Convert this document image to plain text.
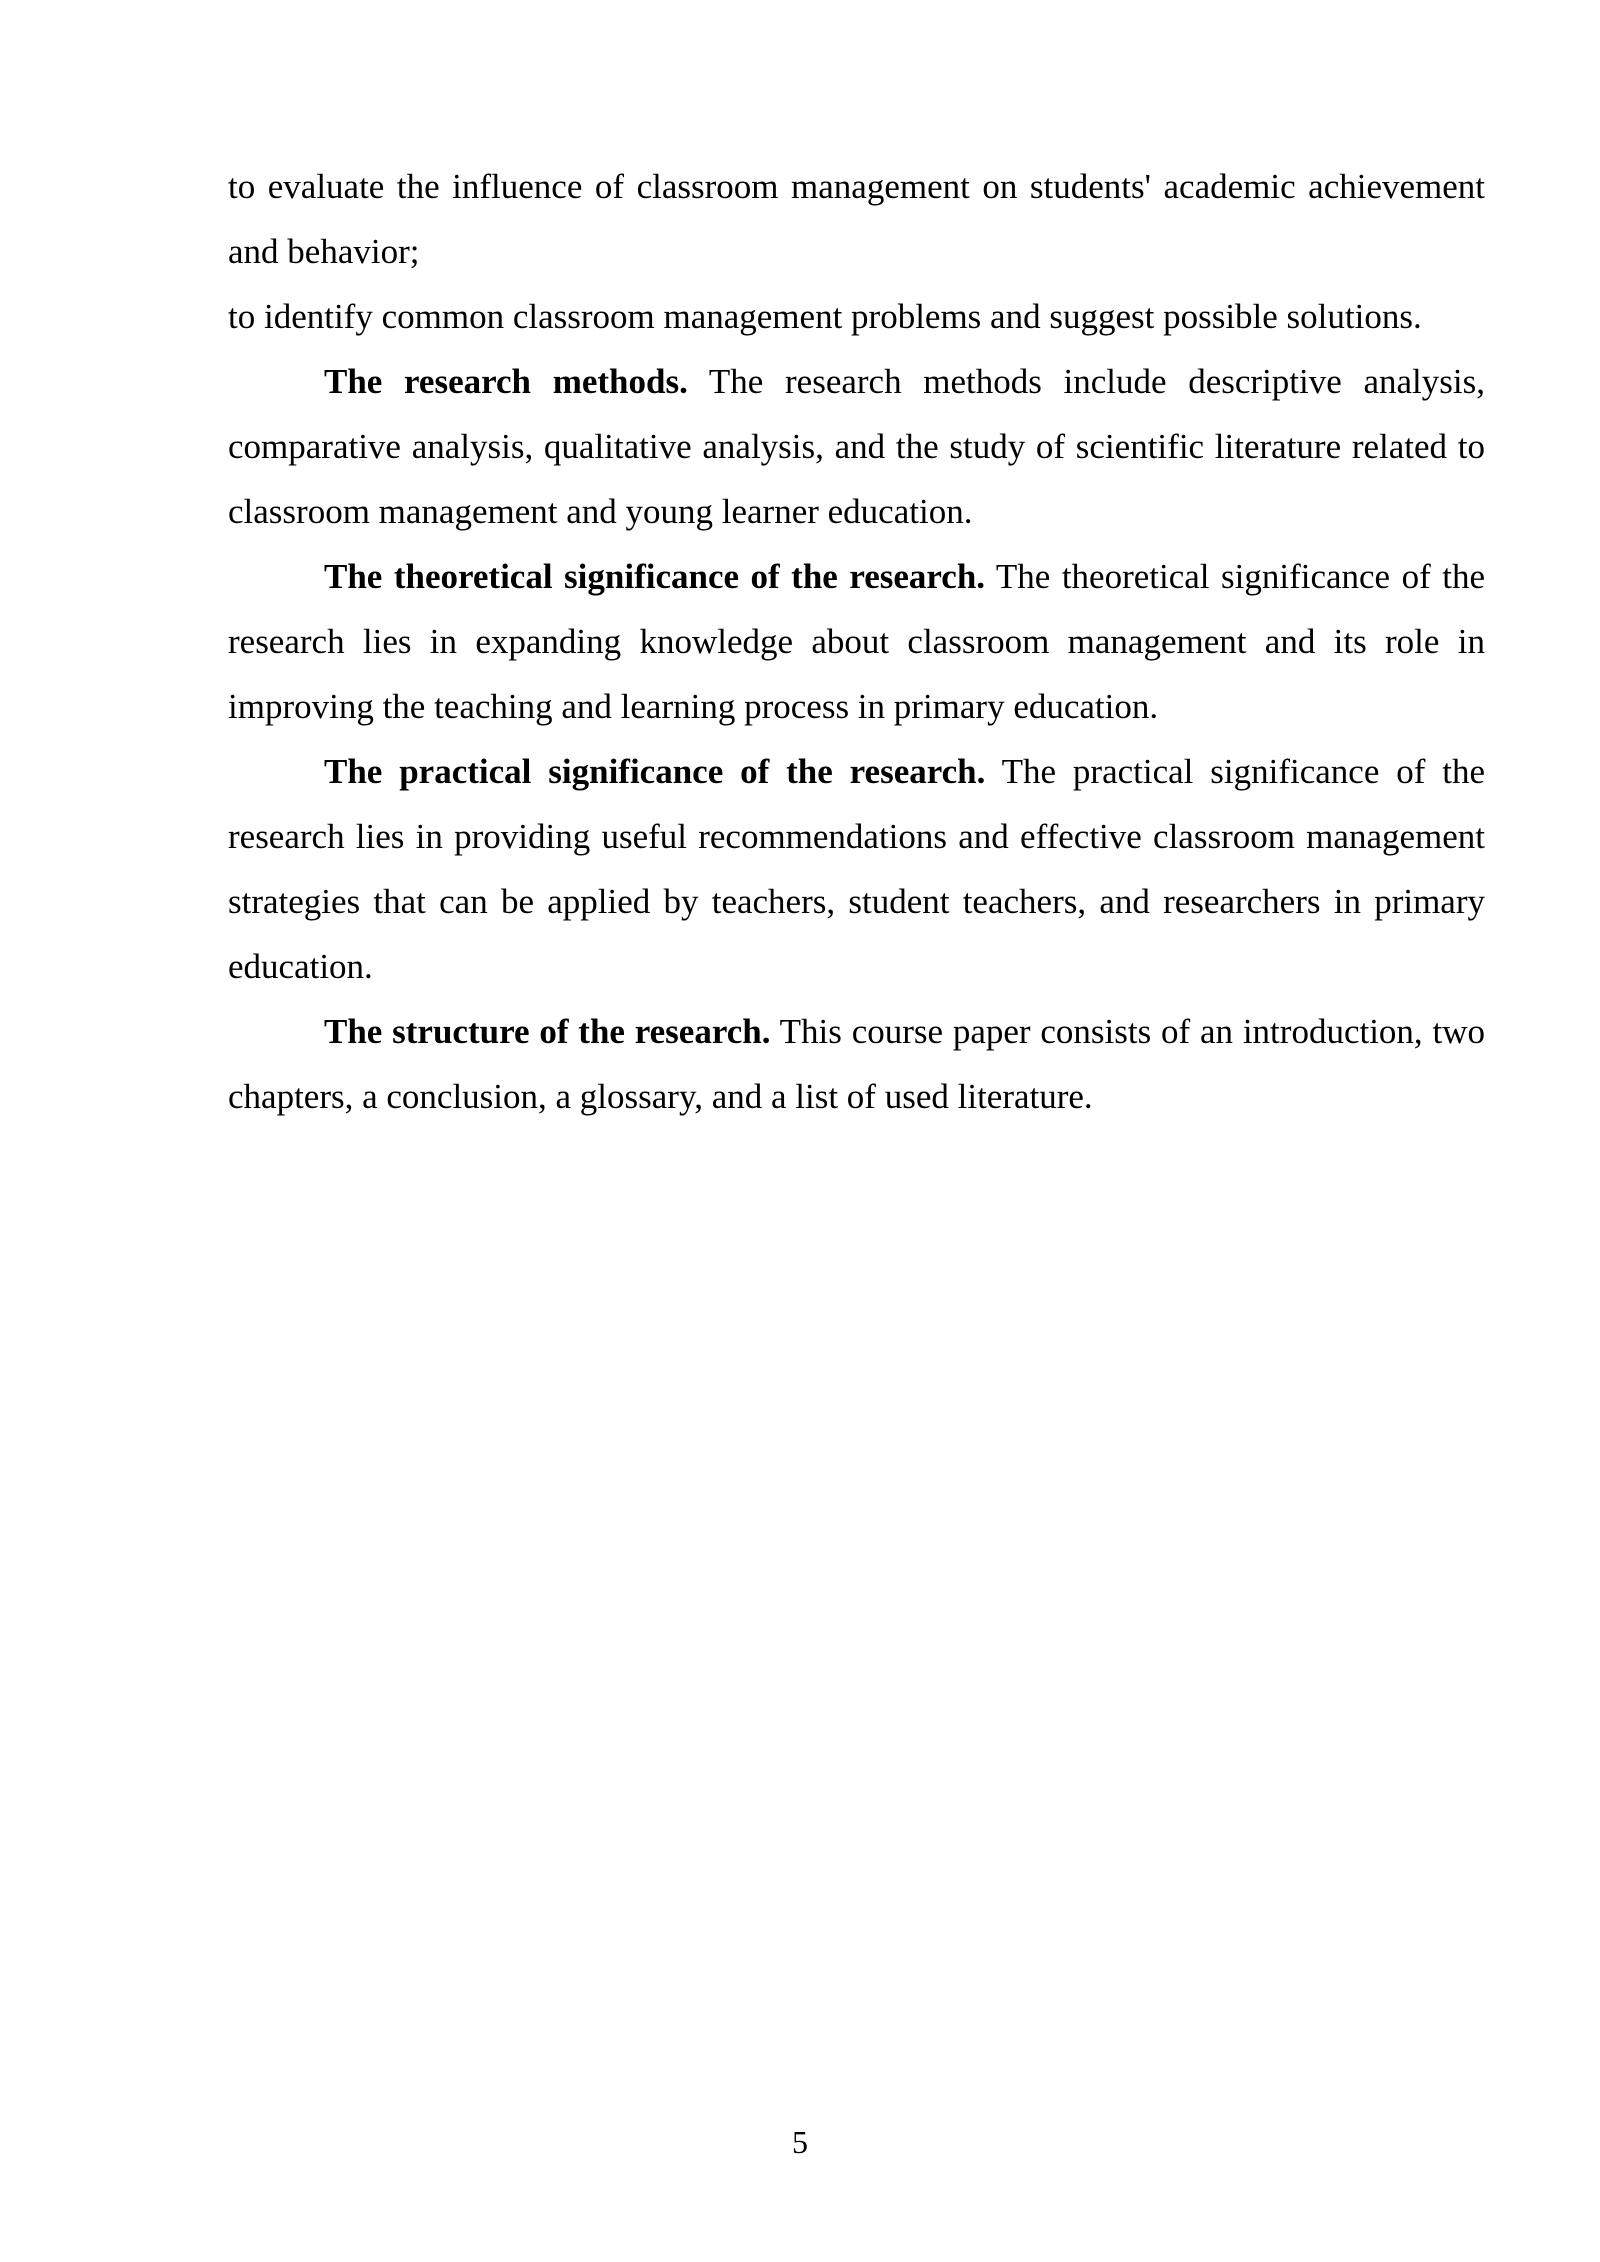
to evaluate the influence of classroom management on students' academic achievement and behavior;

to identify common classroom management problems and suggest possible solutions.

The research methods. The research methods include descriptive analysis, comparative analysis, qualitative analysis, and the study of scientific literature related to classroom management and young learner education.

The theoretical significance of the research. The theoretical significance of the research lies in expanding knowledge about classroom management and its role in improving the teaching and learning process in primary education.

The practical significance of the research. The practical significance of the research lies in providing useful recommendations and effective classroom management strategies that can be applied by teachers, student teachers, and researchers in primary education.

The structure of the research. This course paper consists of an introduction, two chapters, a conclusion, a glossary, and a list of used literature.

5
